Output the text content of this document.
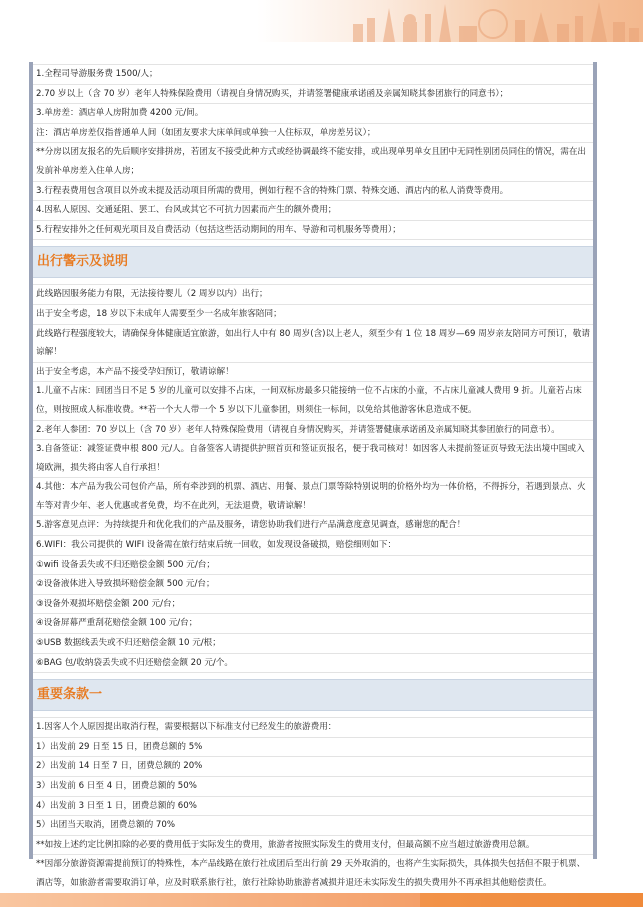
1.全程司导游服务费 1500/人；
2.70 岁以上（含 70 岁）老年人特殊保险费用（请视自身情况购买，并请签署健康承诺函及亲属知晓其参团旅行的同意书）；
3.单房差：酒店单人房附加费 4200 元/间。
注：酒店单房差仅指普通单人间（如团友要求大床单间或单独一人住标双，单房差另议）；
**分房以团友报名的先后顺序安排拼房，若团友不接受此种方式或经协调最终不能安排，或出现单男单女且团中无同性别团员同住的情况，需在出发前补单房差入住单人房；
3.行程表费用包含项目以外或未提及活动项目所需的费用，例如行程不含的特殊门票、特殊交通、酒店内的私人消费等费用。
4.因私人原因、交通延阻、罢工、台风或其它不可抗力因素而产生的额外费用；
5.行程安排外之任何观光项目及自费活动（包括这些活动期间的用车、导游和司机服务等费用）；
出行警示及说明
此线路因服务能力有限，无法接待婴儿（2 周岁以内）出行；
出于安全考虑，18 岁以下未成年人需要至少一名成年旅客陪同；
此线路行程强度较大，请确保身体健康适宜旅游，如出行人中有 80 周岁(含)以上老人，须至少有 1 位 18 周岁—69 周岁亲友陪同方可预订，敬请谅解！
出于安全考虑，本产品不接受孕妇预订，敬请谅解！
1.儿童不占床：回团当日不足 5 岁的儿童可以安排不占床，一间双标房最多只能接纳一位不占床的小童，不占床儿童减人费用 9 折。儿童若占床位，则按照成人标准收费。**若一个大人带一个 5 岁以下儿童参团，则须住一标间，以免给其他游客休息造成不便。
2.老年人参团：70 岁以上（含 70 岁）老年人特殊保险费用（请视自身情况购买，并请签署健康承诺函及亲属知晓其参团旅行的同意书）。
3.自备签证：减签证费申根 800 元/人。自备签客人请提供护照首页和签证页报名，便于我司核对！如因客人未提前签证页导致无法出境中国或入境欧洲，损失将由客人自行承担！
4.其他：本产品为我公司包价产品，所有牵涉到的机票、酒店、用餐、景点门票等除特别说明的价格外均为一体价格，不得拆分，若遇到景点、火车等对青少年、老人优惠或者免费，均不在此列，无法退费，敬请谅解！
5.游客意见点评：为持续提升和优化我们的产品及服务，请您协助我们进行产品满意度意见调查，感谢您的配合！
6.WIFI：我公司提供的 WIFI 设备需在旅行结束后统一回收，如发现设备破损，赔偿细则如下：
①wifi 设备丢失或不归还赔偿金额 500 元/台；
②设备液体进入导致损坏赔偿金额 500 元/台；
③设备外观损坏赔偿金额 200 元/台；
④设备屏幕严重刮花赔偿金额 100 元/台；
⑤USB 数据线丢失或不归还赔偿金额 10 元/根；
⑥BAG 包/收纳袋丢失或不归还赔偿金额 20 元/个。
重要条款一
1.因客人个人原因提出取消行程，需要根据以下标准支付已经发生的旅游费用：
1）出发前 29 日至 15 日，团费总额的 5%
2）出发前 14 日至 7 日，团费总额的 20%
3）出发前 6 日至 4 日，团费总额的 50%
4）出发前 3 日至 1 日，团费总额的 60%
5）出团当天取消，团费总额的 70%
**如按上述约定比例扣除的必要的费用低于实际发生的费用，旅游者按照实际发生的费用支付，但最高额不应当超过旅游费用总额。
**因部分旅游资源需提前预订的特殊性，本产品线路在旅行社成团后至出行前 29 天外取消的，也将产生实际损失，具体损失包括但不限于机票、酒店等，如旅游者需要取消订单，应及时联系旅行社，旅行社除协助旅游者减损并退还未实际发生的损失费用外不再承担其他赔偿责任。
